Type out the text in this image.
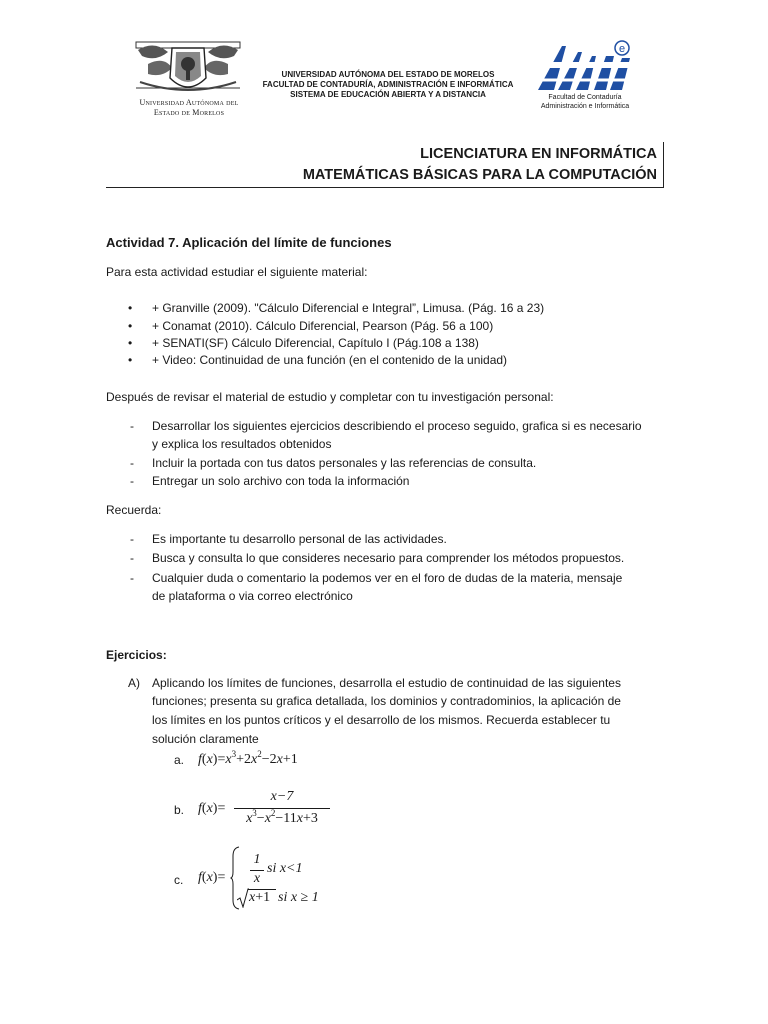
Universidad Autónoma del
Estado de Morelos
UNIVERSIDAD AUTÓNOMA DEL ESTADO DE MORELOS
FACULTAD DE CONTADURÍA, ADMINISTRACIÓN E INFORMÁTICA
SISTEMA DE EDUCACIÓN ABIERTA Y A DISTANCIA
e
Facultad de Contaduría
Administración e Informática
LICENCIATURA EN INFORMÁTICA
MATEMÁTICAS BÁSICAS PARA LA COMPUTACIÓN
Actividad 7. Aplicación del límite de funciones
Para esta actividad estudiar el siguiente material:
• + Granville (2009). "Cálculo Diferencial e Integral”, Limusa. (Pág. 16 a 23)
• + Conamat (2010). Cálculo Diferencial, Pearson (Pág. 56 a 100)
• + SENATI(SF) Cálculo Diferencial, Capítulo I (Pág.108 a 138)
• + Video: Continuidad de una función (en el contenido de la unidad)
Después de revisar el material de estudio y completar con tu investigación personal:
- Desarrollar los siguientes ejercicios describiendo el proceso seguido, grafica si es necesario
y explica los resultados obtenidos
- Incluir la portada con tus datos personales y las referencias de consulta.
- Entregar un solo archivo con toda la información
Recuerda:
- Es importante tu desarrollo personal de las actividades.
- Busca y consulta lo que consideres necesario para comprender los métodos propuestos.
- Cualquier duda o comentario la podemos ver en el foro de dudas de la materia, mensaje
de plataforma o via correo electrónico
Ejercicios:
A) Aplicando los límites de funciones, desarrolla el estudio de continuidad de las siguientes
funciones; presenta su grafica detallada, los dominios y contradominios, la aplicación de
los límites en los puntos críticos y el desarrollo de los mismos. Recuerda establecer tu
solución claramente
a. $f(x)=x^3+2x^2-2x+1$
b. f(x)=
x−7
$x^3-x^2-11x+3$
c. f(x)=
1
x
si x<1
x+1 si x ≥ 1
